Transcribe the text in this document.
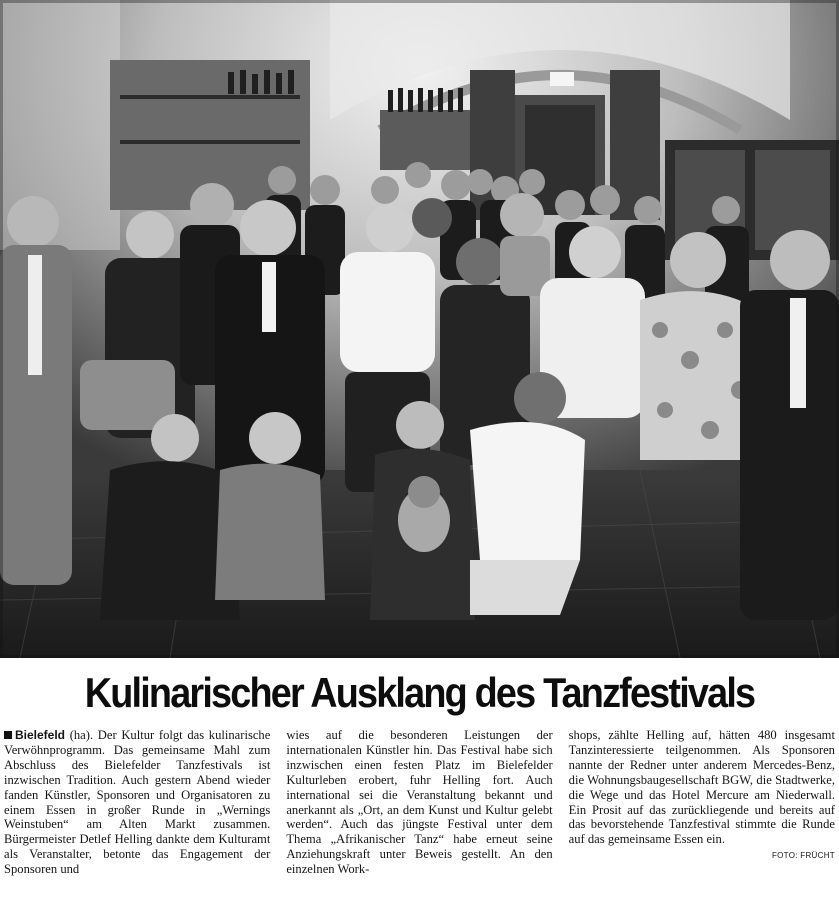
Kulinarischer Ausklang des Tanzfestivals
Bielefeld (ha). Der Kultur folgt das kulinarische Verwöhnprogramm. Das gemeinsame Mahl zum Abschluss des Bielefelder Tanzfestivals ist inzwischen Tradition. Auch gestern Abend wieder fanden Künstler, Sponsoren und Organisatoren zu einem Essen in großer Runde in „Wernings Weinstuben“ am Alten Markt zusammen. Bürgermeister Detlef Helling dankte dem Kulturamt als Veranstalter, betonte das Engagement der Sponsoren und
wies auf die besonderen Leistungen der internationalen Künstler hin. Das Festival habe sich inzwischen einen festen Platz im Bielefelder Kulturleben erobert, fuhr Helling fort. Auch international sei die Veranstaltung bekannt und anerkannt als „Ort, an dem Kunst und Kultur gelebt werden“. Auch das jüngste Festival unter dem Thema „Afrikanischer Tanz“ habe erneut seine Anziehungskraft unter Beweis gestellt. An den einzelnen Work-
shops, zählte Helling auf, hätten 480 insgesamt Tanzinteressierte teilgenommen. Als Sponsoren nannte der Redner unter anderem Mercedes-Benz, die Wohnungsbaugesellschaft BGW, die Stadtwerke, die Wege und das Hotel Mercure am Niederwall. Ein Prosit auf das zurückliegende und bereits auf das bevorstehende Tanzfestival stimmte die Runde auf das gemeinsame Essen ein.
FOTO: FRÜCHT
